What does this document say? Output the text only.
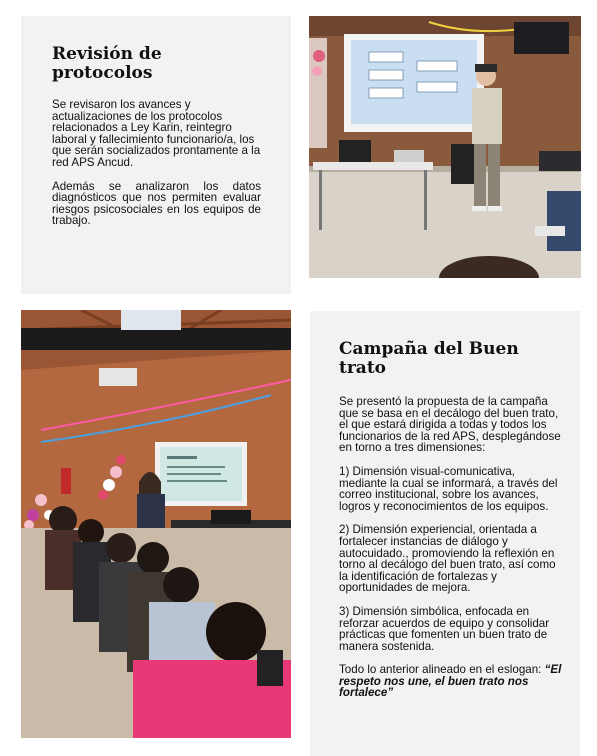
Revisión de protocolos

Se revisaron los avances y actualizaciones de los protocolos relacionados a Ley Karin, reintegro laboral y fallecimiento funcionario/a, los que serán socializados prontamente a la red APS Ancud.

Además se analizaron los datos diagnósticos que nos permiten evaluar riesgos psicosociales en los equipos de trabajo.

Campaña del Buen trato

Se presentó la propuesta de la campaña que se basa en el decálogo del buen trato, el que estará dirigida a todas y todos los funcionarios de la red APS, desplegándose en torno a tres dimensiones:

1) Dimensión visual-comunicativa, mediante la cual se informará, a través del correo institucional, sobre los avances, logros y reconocimientos de los equipos.

2) Dimensión experiencial, orientada a fortalecer instancias de diálogo y autocuidado., promoviendo la reflexión en torno al decálogo del buen trato, así como la identificación de fortalezas y oportunidades de mejora.

3) Dimensión simbólica, enfocada en reforzar acuerdos de equipo y consolidar prácticas que fomenten un buen trato de manera sostenida.

Todo lo anterior alineado en el eslogan: “El respeto nos une, el buen trato nos fortalece”
